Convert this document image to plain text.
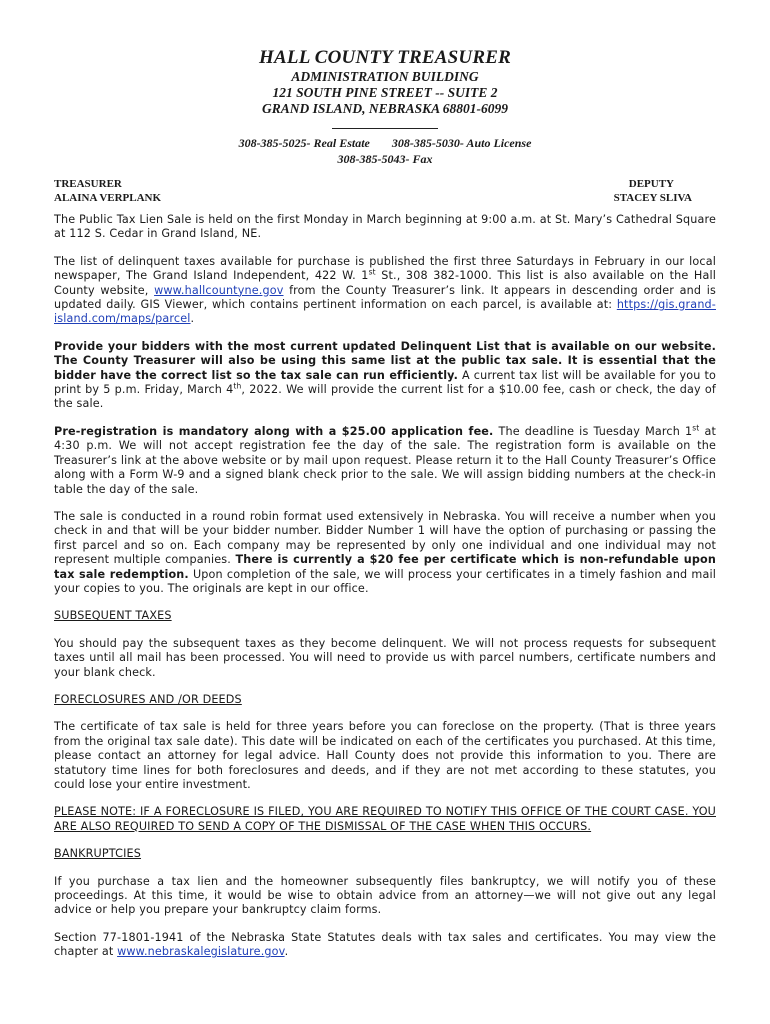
HALL COUNTY TREASURER
ADMINISTRATION BUILDING
121 SOUTH PINE STREET -- SUITE 2
GRAND ISLAND, NEBRASKA 68801-6099
308-385-5025- Real Estate 308-385-5030- Auto License
308-385-5043- Fax
TREASURER
ALAINA VERPLANK
DEPUTY
STACEY SLIVA

The Public Tax Lien Sale is held on the first Monday in March beginning at 9:00 a.m. at St. Mary’s Cathedral Square at 112 S. Cedar in Grand Island, NE.

The list of delinquent taxes available for purchase is published the first three Saturdays in February in our local newspaper, The Grand Island Independent, 422 W. 1st St., 308 382-1000. This list is also available on the Hall County website, www.hallcountyne.gov from the County Treasurer’s link. It appears in descending order and is updated daily. GIS Viewer, which contains pertinent information on each parcel, is available at: https://gis.grand-island.com/maps/parcel.

Provide your bidders with the most current updated Delinquent List that is available on our website. The County Treasurer will also be using this same list at the public tax sale. It is essential that the bidder have the correct list so the tax sale can run efficiently. A current tax list will be available for you to print by 5 p.m. Friday, March 4th, 2022. We will provide the current list for a $10.00 fee, cash or check, the day of the sale.

Pre-registration is mandatory along with a $25.00 application fee. The deadline is Tuesday March 1st at 4:30 p.m. We will not accept registration fee the day of the sale. The registration form is available on the Treasurer’s link at the above website or by mail upon request. Please return it to the Hall County Treasurer’s Office along with a Form W-9 and a signed blank check prior to the sale. We will assign bidding numbers at the check-in table the day of the sale.

The sale is conducted in a round robin format used extensively in Nebraska. You will receive a number when you check in and that will be your bidder number. Bidder Number 1 will have the option of purchasing or passing the first parcel and so on. Each company may be represented by only one individual and one individual may not represent multiple companies. There is currently a $20 fee per certificate which is non-refundable upon tax sale redemption. Upon completion of the sale, we will process your certificates in a timely fashion and mail your copies to you. The originals are kept in our office.

SUBSEQUENT TAXES

You should pay the subsequent taxes as they become delinquent. We will not process requests for subsequent taxes until all mail has been processed. You will need to provide us with parcel numbers, certificate numbers and your blank check.

FORECLOSURES AND /OR DEEDS

The certificate of tax sale is held for three years before you can foreclose on the property. (That is three years from the original tax sale date). This date will be indicated on each of the certificates you purchased. At this time, please contact an attorney for legal advice. Hall County does not provide this information to you. There are statutory time lines for both foreclosures and deeds, and if they are not met according to these statutes, you could lose your entire investment.

PLEASE NOTE: IF A FORECLOSURE IS FILED, YOU ARE REQUIRED TO NOTIFY THIS OFFICE OF THE COURT CASE. YOU ARE ALSO REQUIRED TO SEND A COPY OF THE DISMISSAL OF THE CASE WHEN THIS OCCURS.

BANKRUPTCIES

If you purchase a tax lien and the homeowner subsequently files bankruptcy, we will notify you of these proceedings. At this time, it would be wise to obtain advice from an attorney—we will not give out any legal advice or help you prepare your bankruptcy claim forms.

Section 77-1801-1941 of the Nebraska State Statutes deals with tax sales and certificates. You may view the chapter at www.nebraskalegislature.gov.
